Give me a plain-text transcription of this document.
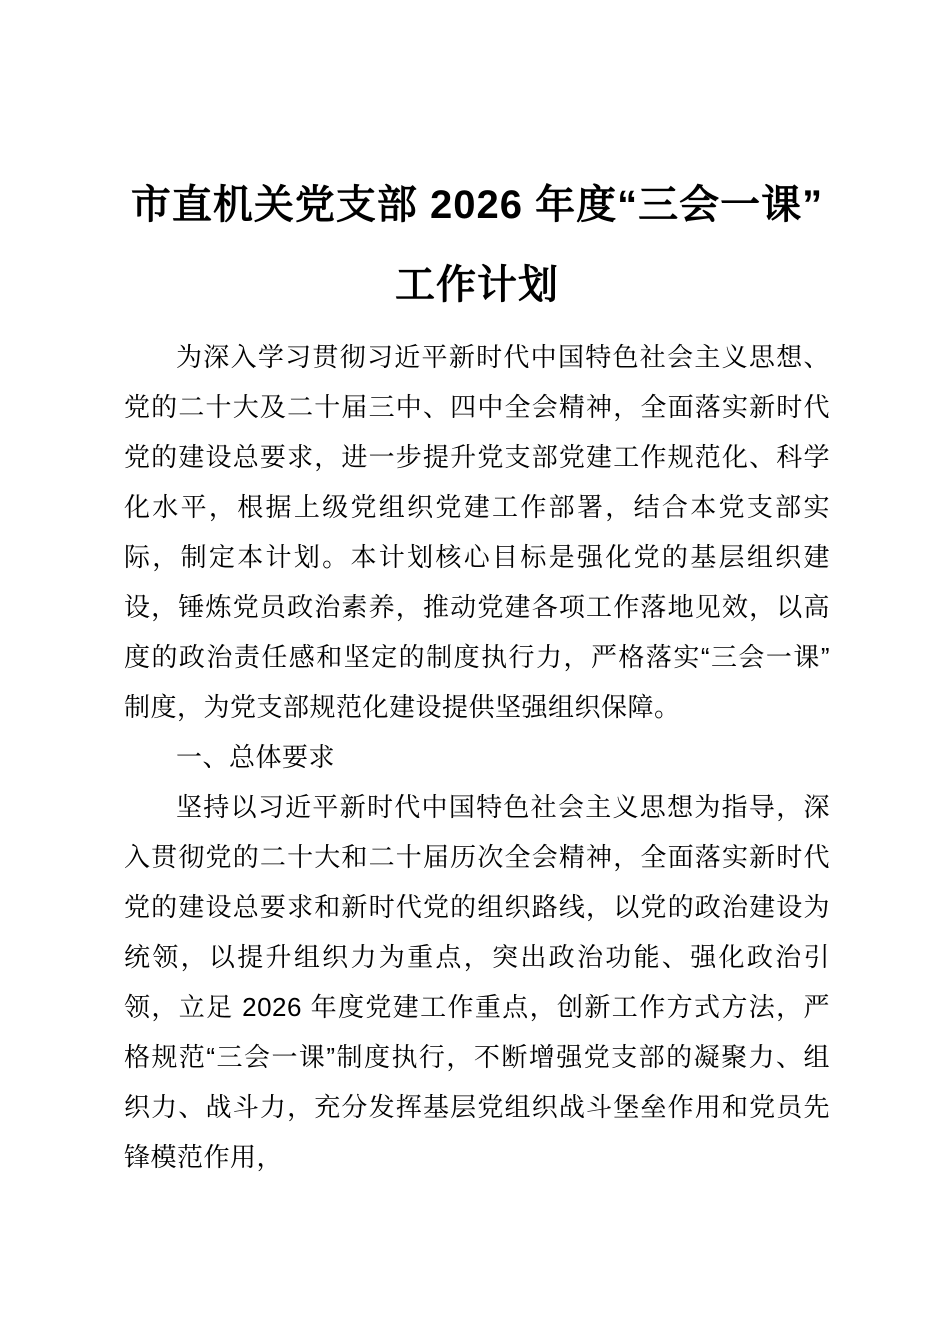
市直机关党支部 2026 年度“三会一课”工作计划

为深入学习贯彻习近平新时代中国特色社会主义思想、党的二十大及二十届三中、四中全会精神，全面落实新时代党的建设总要求，进一步提升党支部党建工作规范化、科学化水平，根据上级党组织党建工作部署，结合本党支部实际，制定本计划。本计划核心目标是强化党的基层组织建设，锤炼党员政治素养，推动党建各项工作落地见效，以高度的政治责任感和坚定的制度执行力，严格落实“三会一课”制度，为党支部规范化建设提供坚强组织保障。

一、总体要求

坚持以习近平新时代中国特色社会主义思想为指导，深入贯彻党的二十大和二十届历次全会精神，全面落实新时代党的建设总要求和新时代党的组织路线，以党的政治建设为统领，以提升组织力为重点，突出政治功能、强化政治引领，立足 2026 年度党建工作重点，创新工作方式方法，严格规范“三会一课”制度执行，不断增强党支部的凝聚力、组织力、战斗力，充分发挥基层党组织战斗堡垒作用和党员先锋模范作用，
